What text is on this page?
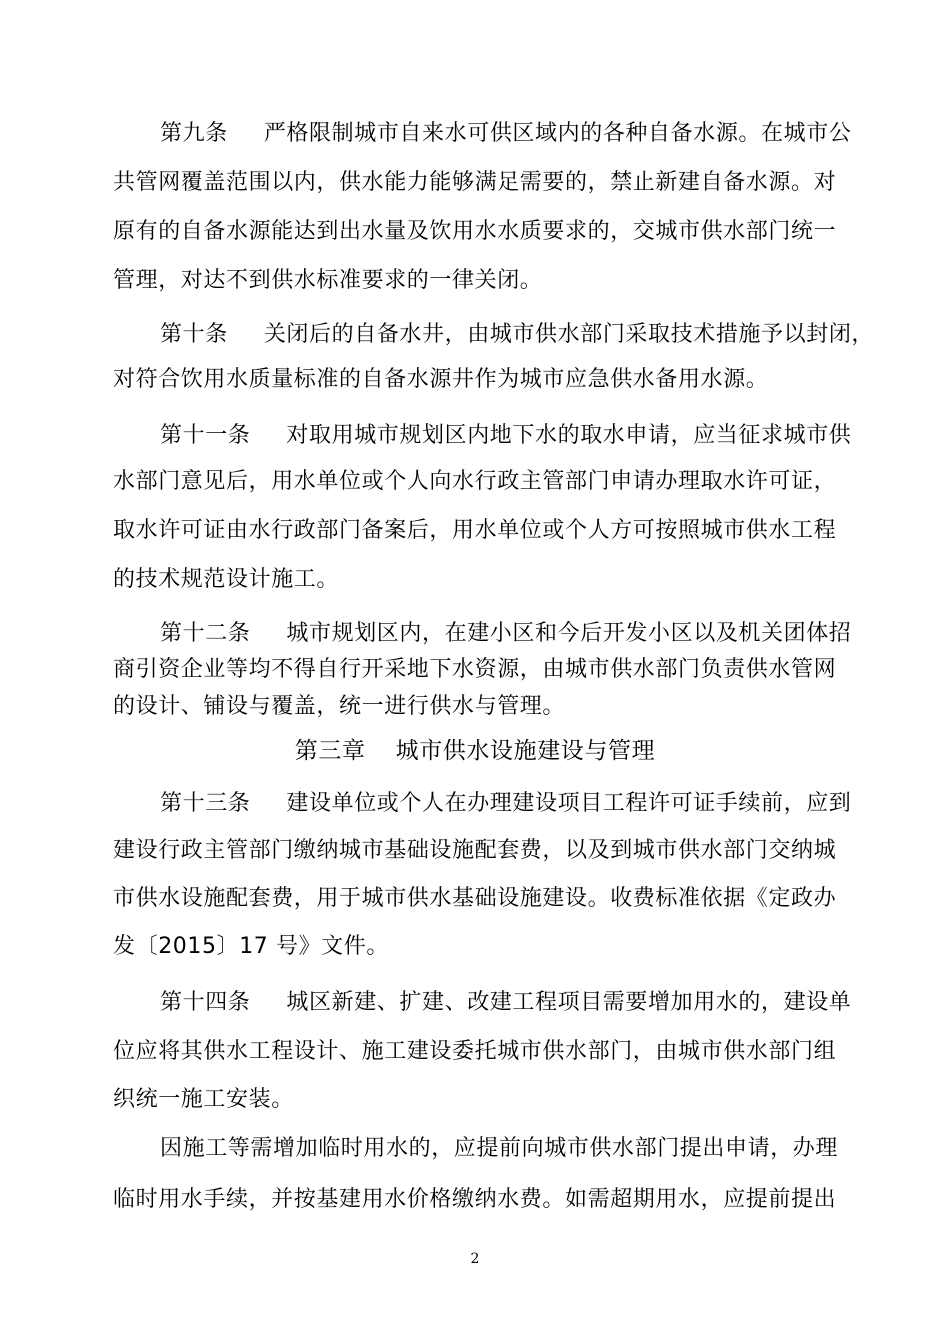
第九条 严格限制城市自来水可供区域内的各种自备水源。在城市公
共管网覆盖范围以内，供水能力能够满足需要的，禁止新建自备水源。对
原有的自备水源能达到出水量及饮用水水质要求的，交城市供水部门统一
管理，对达不到供水标准要求的一律关闭。
第十条 关闭后的自备水井，由城市供水部门采取技术措施予以封闭，
对符合饮用水质量标准的自备水源井作为城市应急供水备用水源。
第十一条 对取用城市规划区内地下水的取水申请，应当征求城市供
水部门意见后，用水单位或个人向水行政主管部门申请办理取水许可证，
取水许可证由水行政部门备案后，用水单位或个人方可按照城市供水工程
的技术规范设计施工。
第十二条 城市规划区内，在建小区和今后开发小区以及机关团体招
商引资企业等均不得自行开采地下水资源，由城市供水部门负责供水管网
的设计、铺设与覆盖，统一进行供水与管理。
第三章 城市供水设施建设与管理
第十三条 建设单位或个人在办理建设项目工程许可证手续前，应到
建设行政主管部门缴纳城市基础设施配套费，以及到城市供水部门交纳城
市供水设施配套费，用于城市供水基础设施建设。收费标准依据《定政办
发〔2015〕17 号》文件。
第十四条 城区新建、扩建、改建工程项目需要增加用水的，建设单
位应将其供水工程设计、施工建设委托城市供水部门，由城市供水部门组
织统一施工安装。
因施工等需增加临时用水的，应提前向城市供水部门提出申请，办理
临时用水手续，并按基建用水价格缴纳水费。如需超期用水，应提前提出
2
